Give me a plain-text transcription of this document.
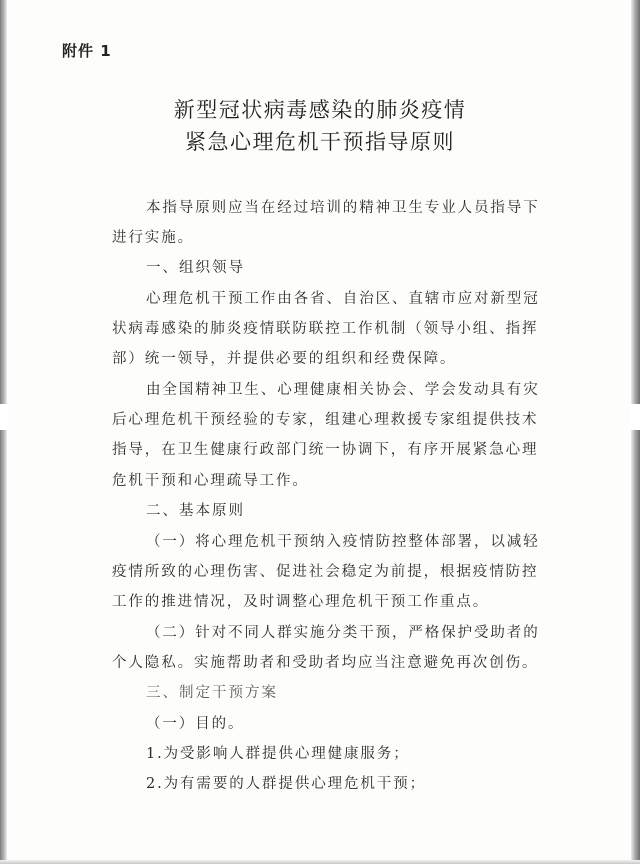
附件 1
新型冠状病毒感染的肺炎疫情
紧急心理危机干预指导原则
本指导原则应当在经过培训的精神卫生专业人员指导下
进行实施。
一、组织领导
心理危机干预工作由各省、自治区、直辖市应对新型冠
状病毒感染的肺炎疫情联防联控工作机制（领导小组、指挥
部）统一领导，并提供必要的组织和经费保障。
由全国精神卫生、心理健康相关协会、学会发动具有灾
后心理危机干预经验的专家，组建心理救援专家组提供技术
指导，在卫生健康行政部门统一协调下，有序开展紧急心理
危机干预和心理疏导工作。
二、基本原则
（一）将心理危机干预纳入疫情防控整体部署，以减轻
疫情所致的心理伤害、促进社会稳定为前提，根据疫情防控
工作的推进情况，及时调整心理危机干预工作重点。
（二）针对不同人群实施分类干预，严格保护受助者的
个人隐私。实施帮助者和受助者均应当注意避免再次创伤。
三、制定干预方案
（一）目的。
1.为受影响人群提供心理健康服务；
2.为有需要的人群提供心理危机干预；
